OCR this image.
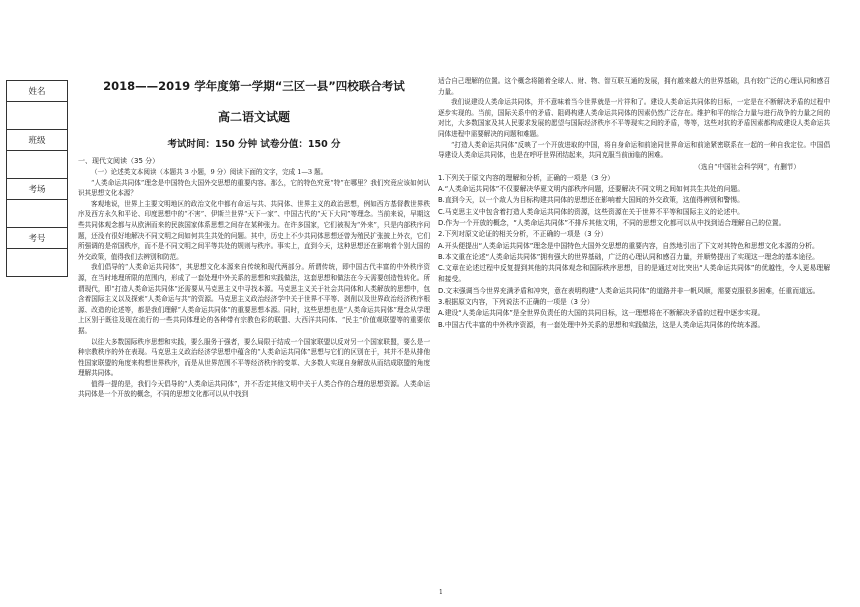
姓名
班级
考场
考号
2018——2019 学年度第一学期“三区一县”四校联合考试
高二语文试题
考试时间：150 分钟 试卷分值：150 分
一、现代文阅读（35 分）
（一）论述类文本阅读（本题共 3 小题，9 分）阅读下面的文字，完成 1—3 题。
“人类命运共同体”理念是中国特色大国外交思想的重要内容。那么，它的特色究竟“特”在哪里？我们究竟应该如何认识其思想文化本源？
客观地说，世界上主要文明地区的政治文化中都有命运与共、共同体、世界主义的政治思想，例如西方基督教世界秩序及西方永久和平论、印度思想中的“不害”、伊斯兰世界“天下一家”、中国古代的“天下大同”等理念。当前来说，早期这些共同体观念都与从欧洲而来的民族国家体系思想之间存在某种张力。在许多国家，它们被视为“外来”，只是内部秩序问题，还没有很好地解决不同文明之间如何共生共处的问题。其中，历史上不少共同体思想还曾为殖民扩张披上外衣，它们所强调的是帝国秩序，而不是不同文明之间平等共处的规则与秩序。事实上，直到今天，这种思想还在影响着个别大国的外交政策，值得我们去辨别和防范。
我们倡导的“人类命运共同体”，其思想文化本源来自传统和现代两部分。所谓传统，即中国古代丰富的中外秩序资源，在当时地理所限的范围内，形成了一套处理中外关系的思想和实践做法，这套思想和做法在今天需要创造性转化。所谓现代，即“打造人类命运共同体”还需要从马克思主义中寻找本源。马克思主义关于社会共同体和人类解放的思想中，包含着国际主义以及探索“人类命运与共”的资源。马克思主义政治经济学中关于世界不平等、剥削以及世界政治经济秩序根源、改造的论述等，都是我们理解“人类命运共同体”的重要思想本源。同时，这些思想也是“人类命运共同体”理念从学理上区别于既往及现在流行的一些共同体理论的各种带有宗教色彩的联盟、大西洋共同体、“民主”价值观联盟等的重要依据。
以往大多数国际秩序思想和实践，要么服务于强者，要么局限于结成一个国家联盟以反对另一个国家联盟，要么是一种宗教秩序的外在表现。马克思主义政治经济学思想中蕴含的“人类命运共同体”思想与它们的区别在于，其并不是从排他性国家联盟的角度来构想世界秩序，而是从世界范围不平等经济秩序的变革、大多数人实现自身解放从而结成联盟的角度理解共同体。
值得一提的是，我们今天倡导的“人类命运共同体”，并不否定其他文明中关于人类合作的合理的思想资源。人类命运共同体是一个开放的概念，不同的思想文化都可以从中找到
适合自己理解的位置。这个概念将随着全球人、财、物、智互联互通的发展，拥有越来越大的世界基础，具有较广泛的心理认同和感召力量。
我们说建设人类命运共同体，并不意味着当今世界就是一片祥和了。建设人类命运共同体的目标，一定是在不断解决矛盾的过程中逐步实现的。当前，国际关系中的矛盾、阻碍构建人类命运共同体的因素仍然广泛存在。维护和平的综合力量与进行战争的力量之间的对比，大多数国家及其人民要求发展的愿望与国际经济秩序不平等现实之间的矛盾，等等，这些对抗的矛盾因素都构成建设人类命运共同体进程中需要解决的问题和难题。
“打造人类命运共同体”反映了一个开放进取的中国，将自身命运和前途同世界命运和前途紧密联系在一起的一种自我定位。中国倡导建设人类命运共同体，也是在呼吁世界团结起来，共同克服当前面临的困难。
（选自“中国社会科学网”，有删节）
1.下列关于原文内容的理解和分析，正确的一项是（3 分）
A.“人类命运共同体”不仅要解决华夏文明内部秩序问题，还要解决不同文明之间如何共生共处的问题。
B.直到今天，以一个敌人为目标构建共同体的思想还在影响着大国间的外交政策，这值得辨别和警惕。
C.马克思主义中包含着打造人类命运共同体的资源，这些资源在关于世界不平等和国际主义的论述中。
D.作为一个开放的概念，“人类命运共同体”不排斥其他文明，不同的思想文化都可以从中找到适合理解自己的位置。
2.下列对原文论证的相关分析，不正确的一项是（3 分）
A.开头便提出“人类命运共同体”理念是中国特色大国外交思想的重要内容，自然地引出了下文对其特色和思想文化本源的分析。
B.本文重在论述“人类命运共同体”拥有强大的世界基础，广泛的心理认同和感召力量，并顺势提出了实现这一理念的基本途径。
C.文章在论述过程中反复提到其他的共同体观念和国际秩序思想，目的是通过对比突出“人类命运共同体”的优越性，令人更易理解和接受。
D.文末强调当今世界充满矛盾和冲突，意在表明构建“人类命运共同体”的道路并非一帆风顺，需要克服很多困难，任重而道远。
3.根据原文内容，下列说法不正确的一项是（3 分）
A.建设“人类命运共同体”是全世界负责任的大国的共同目标，这一理想将在不断解决矛盾的过程中逐步实现。
B.中国古代丰富的中外秩序资源，有一套处理中外关系的思想和实践做法，这是人类命运共同体的传统本源。
1
